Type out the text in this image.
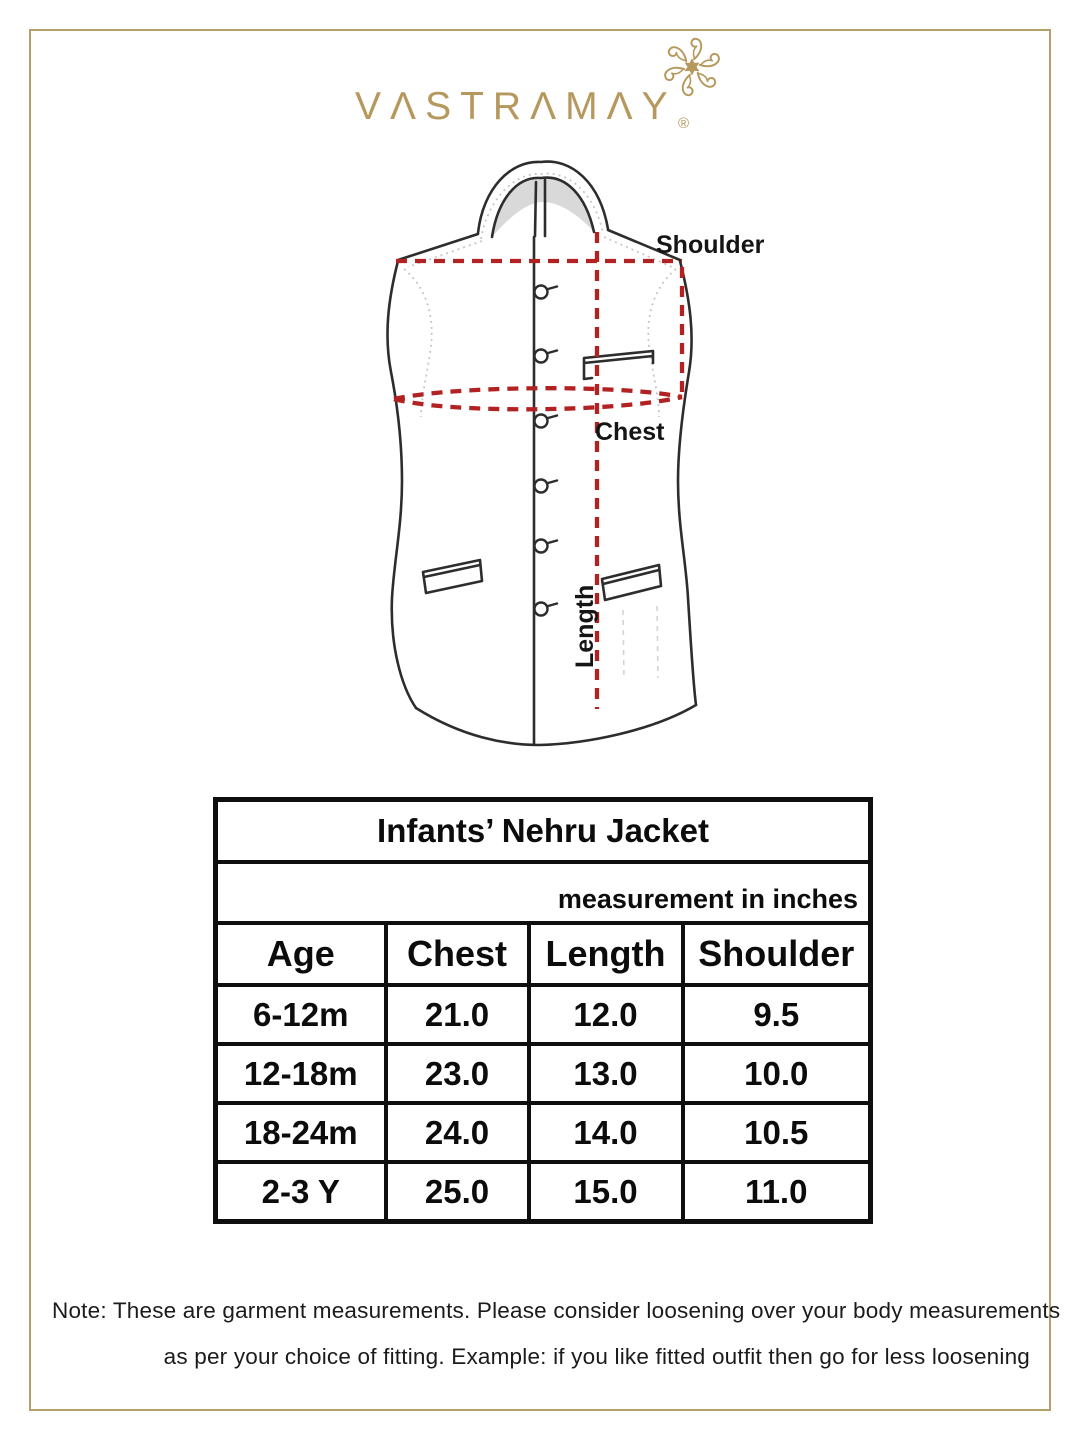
VΛSTRΛMΛY ®
Shoulder
Chest
Length
Infants’ Nehru Jacket			
measurement in inches			
Age	Chest	Length	Shoulder
6-12m	21.0	12.0	9.5
12-18m	23.0	13.0	10.0
18-24m	24.0	14.0	10.5
2-3 Y	25.0	15.0	11.0

Note: These are garment measurements. Please consider loosening over your body measurements
as per your choice of fitting. Example: if you like fitted outfit then go for less loosening
